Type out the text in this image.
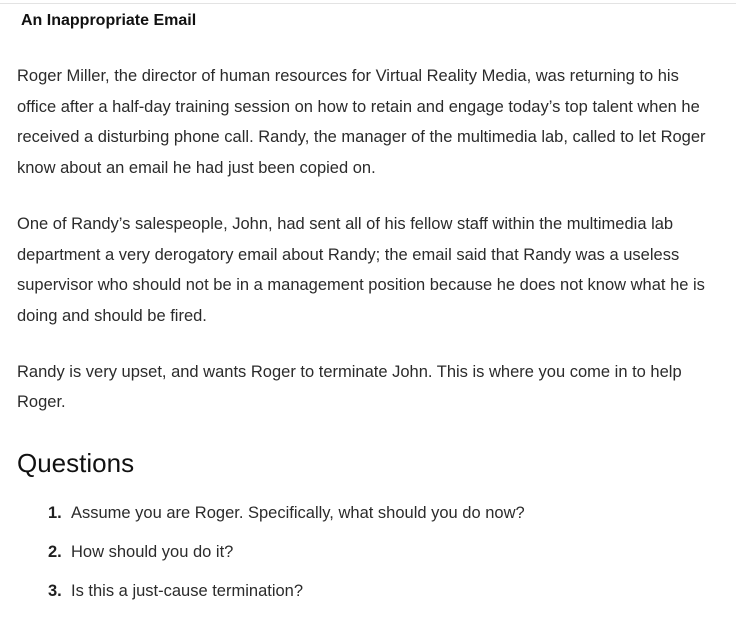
An Inappropriate Email

Roger Miller, the director of human resources for Virtual Reality Media, was returning to his office after a half-day training session on how to retain and engage today’s top talent when he received a disturbing phone call. Randy, the manager of the multimedia lab, called to let Roger know about an email he had just been copied on.

One of Randy’s salespeople, John, had sent all of his fellow staff within the multimedia lab department a very derogatory email about Randy; the email said that Randy was a useless supervisor who should not be in a management position because he does not know what he is doing and should be fired.

Randy is very upset, and wants Roger to terminate John. This is where you come in to help Roger.

Questions
1. Assume you are Roger. Specifically, what should you do now?
2. How should you do it?
3. Is this a just-cause termination?
